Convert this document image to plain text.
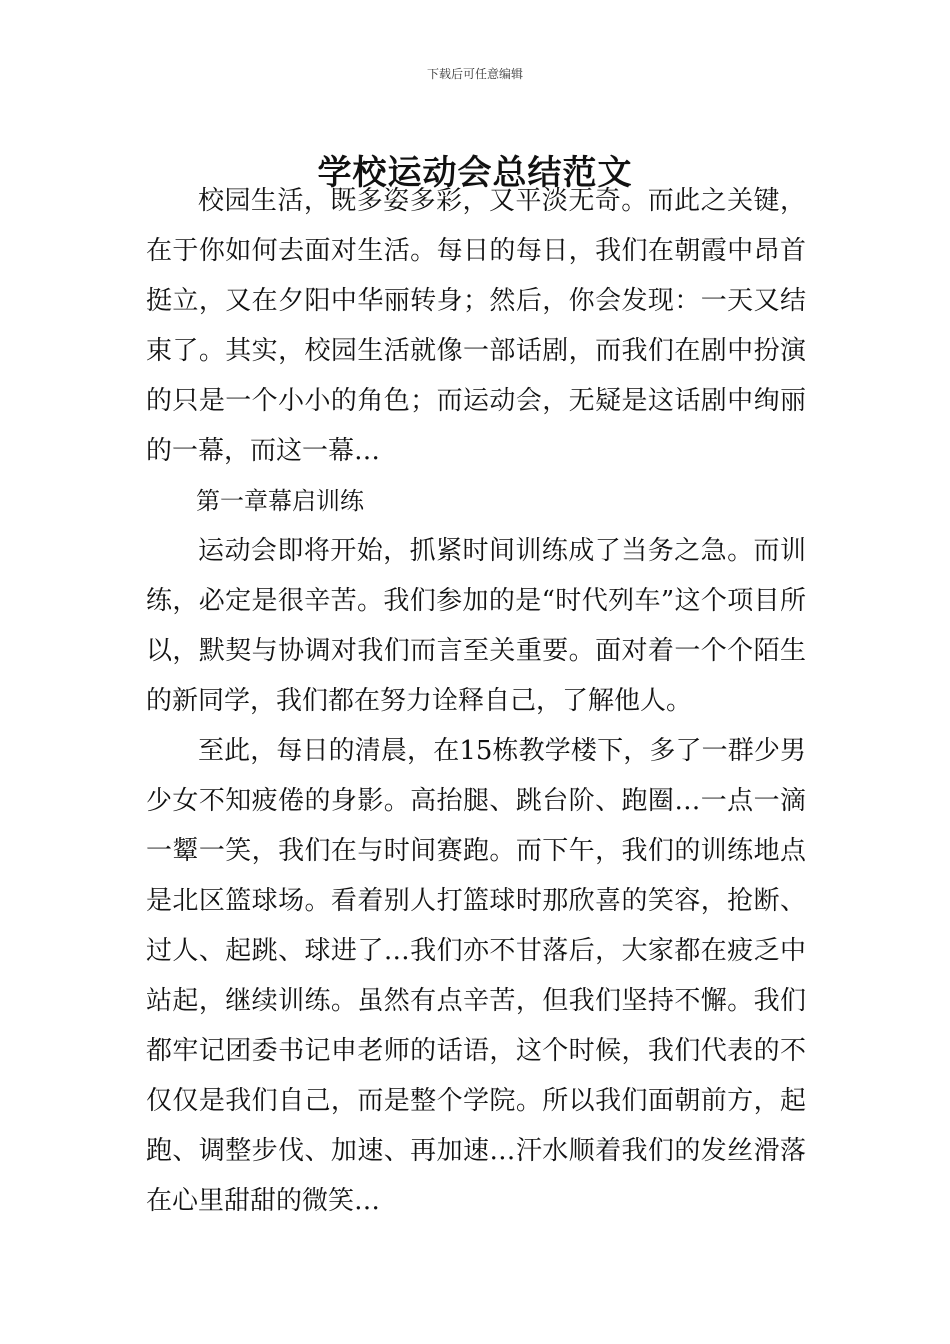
下载后可任意编辑
学校运动会总结范文

校园生活，既多姿多彩，又平淡无奇。而此之关键，在于你如何去面对生活。每日的每日，我们在朝霞中昂首挺立，又在夕阳中华丽转身；然后，你会发现：一天又结束了。其实，校园生活就像一部话剧，而我们在剧中扮演的只是一个小小的角色；而运动会，无疑是这话剧中绚丽的一幕，而这一幕…

第一章幕启训练

运动会即将开始，抓紧时间训练成了当务之急。而训练，必定是很辛苦。我们参加的是“时代列车”这个项目所以，默契与协调对我们而言至关重要。面对着一个个陌生的新同学，我们都在努力诠释自己，了解他人。

至此，每日的清晨，在15栋教学楼下，多了一群少男少女不知疲倦的身影。高抬腿、跳台阶、跑圈…一点一滴一颦一笑，我们在与时间赛跑。而下午，我们的训练地点是北区篮球场。看着别人打篮球时那欣喜的笑容，抢断、过人、起跳、球进了…我们亦不甘落后，大家都在疲乏中站起，继续训练。虽然有点辛苦，但我们坚持不懈。我们都牢记团委书记申老师的话语，这个时候，我们代表的不仅仅是我们自己，而是整个学院。所以我们面朝前方，起跑、调整步伐、加速、再加速…汗水顺着我们的发丝滑落在心里甜甜的微笑…
